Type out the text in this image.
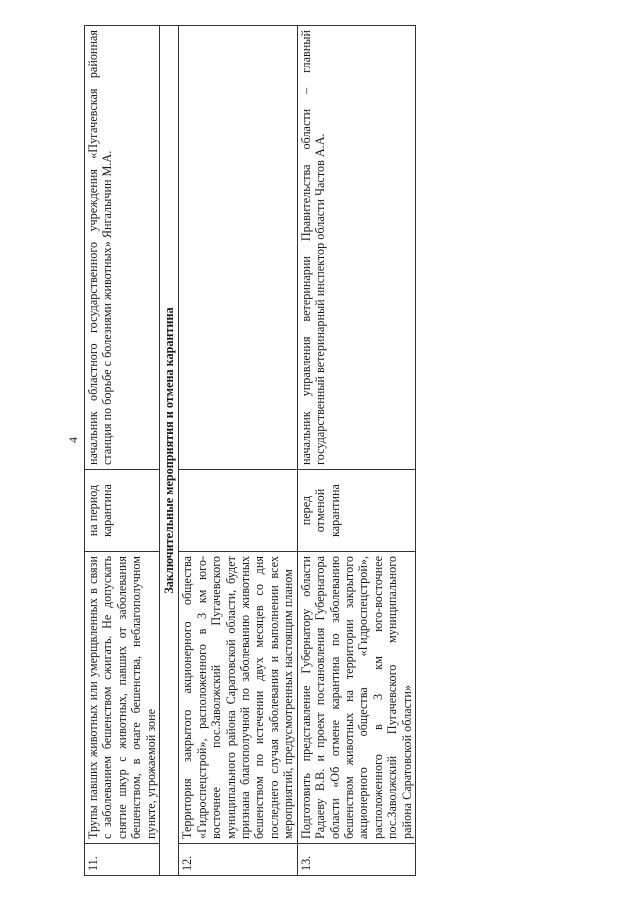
4
11.	Трупы павших животных или умерщвленных в связи с заболеванием бешенством сжигать. Не допускать снятие шкур с животных, павших от заболевания бешенством, в очаге бешенства, неблагополучном пункте, угрожаемой зоне	на период карантина	начальник областного государственного учреждения «Пугачевская районная станция по борьбе с болезнями животных» Янгалычин М.А.
Заключительные мероприятия и отмена карантина			
12.	Территория закрытого акционерного общества «Гидроспецстрой», расположенного в 3 км юго-восточнее пос.Заволжский Пугачевского муниципального района Саратовской области, будет признана благополучной по заболеванию животных бешенством по истечении двух месяцев со дня последнего случая заболевания и выполнении всех мероприятий, предусмотренных настоящим планом		
13.	Подготовить представление Губернатору области Радаеву В.В. и проект постановления Губернатора области «Об отмене карантина по заболеванию бешенством животных на территории закрытого акционерного общества «Гидроспецстрой», расположенного в 3 км юго-восточнее пос.Заволжский Пугачевского муниципального района Саратовской области»	перед отменой карантина	начальник управления ветеринарии Правительства области – главный государственный ветеринарный инспектор области Частов А.А.
